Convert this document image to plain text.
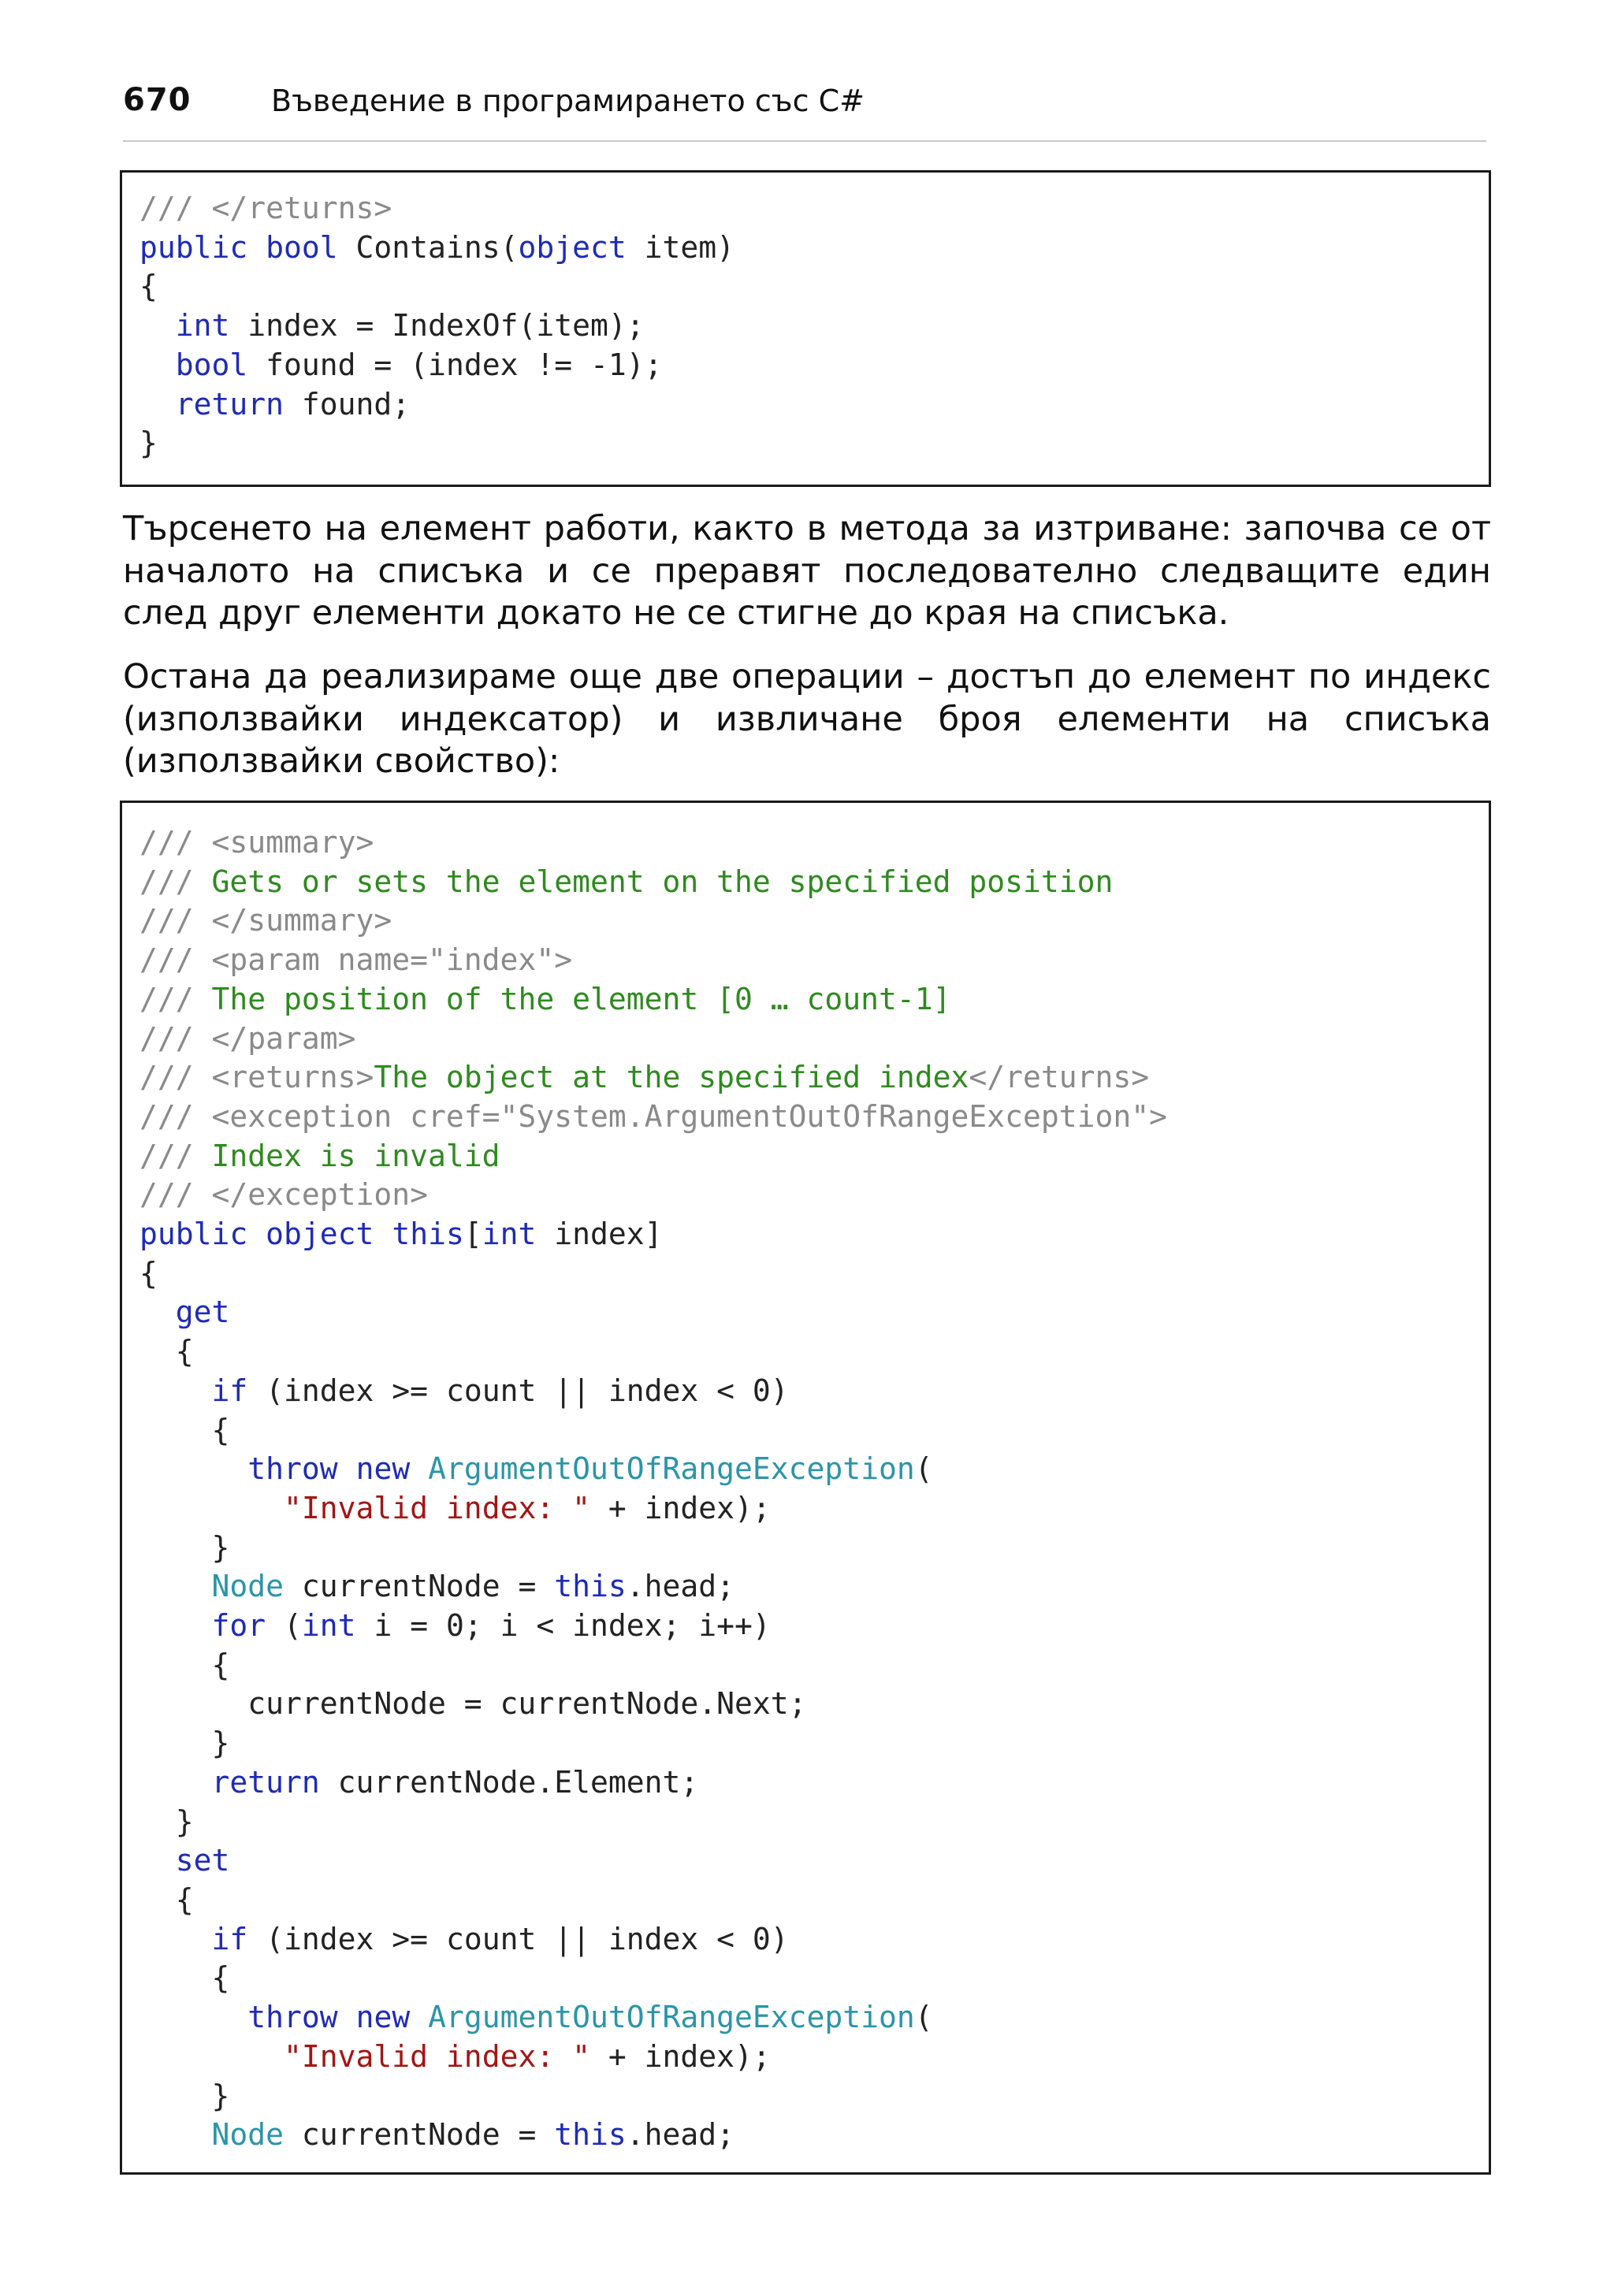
670	Въведение в програмирането със C#
/// </returns>
public bool Contains(object item)
{
int index = IndexOf(item);
bool found = (index != -1);
return found;
}

Търсенето на елемент работи, както в метода за изтриване: започва се от началото на списъка и се преравят последователно следващите един след друг елементи докато не се стигне до края на списъка.
Остана да реализираме още две операции – достъп до елемент по индекс (използвайки индексатор) и извличане броя елементи на списъка (използвайки свойство):
/// <summary>
/// Gets or sets the element on the specified position
/// </summary>
/// <param name="index">
/// The position of the element [0 … count-1]
/// </param>
/// <returns>The object at the specified index</returns>
/// <exception cref="System.ArgumentOutOfRangeException">
/// Index is invalid
/// </exception>
public object this[int index]
{
get
{
if (index >= count || index < 0)
{
throw new ArgumentOutOfRangeException(
"Invalid index: " + index);
}
Node currentNode = this.head;
for (int i = 0; i < index; i++)
{
currentNode = currentNode.Next;
}
return currentNode.Element;
}
set
{
if (index >= count || index < 0)
{
throw new ArgumentOutOfRangeException(
"Invalid index: " + index);
}
Node currentNode = this.head;
